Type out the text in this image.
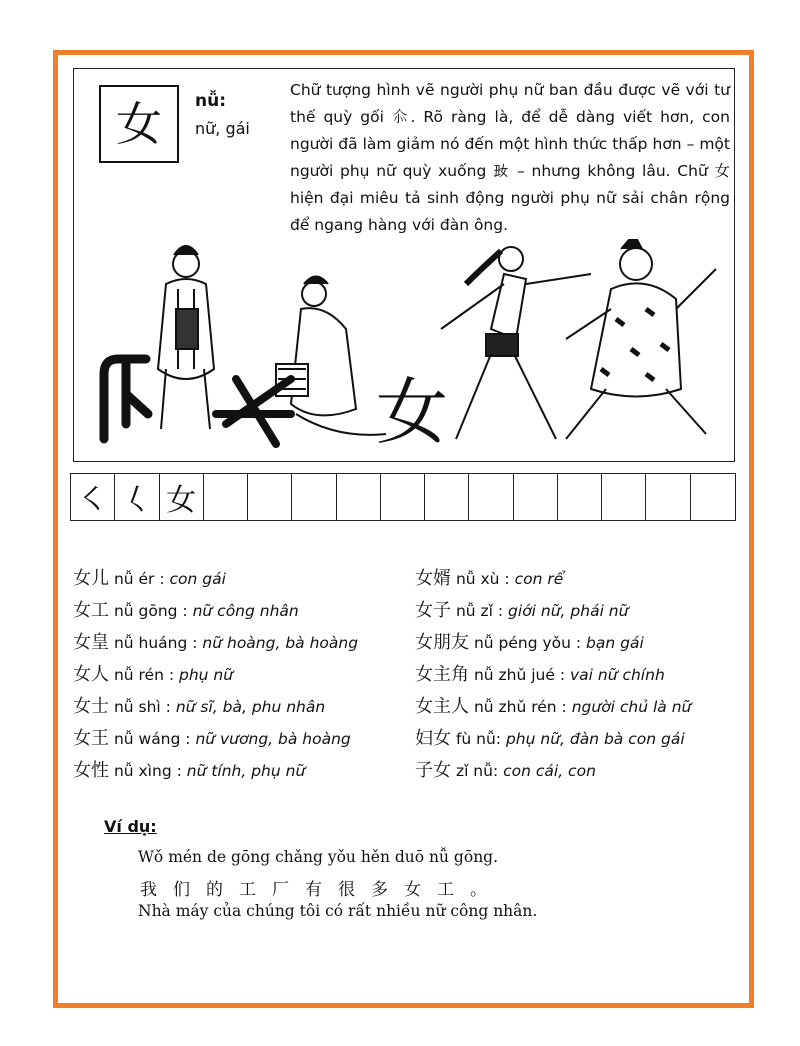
女	nǚ:
nữ, gái
Chữ tượng hình vẽ người phụ nữ ban đầu được vẽ với tư thế quỳ gối 𠇍. Rõ ràng là, để dễ dàng viết hơn, con người đã làm giảm nó đến một hình thức thấp hơn – một người phụ nữ quỳ xuống 𡚽 – nhưng không lâu. Chữ 女 hiện đại miêu tả sinh động người phụ nữ sải chân rộng để ngang hàng với đàn ông.
女
㇛ 𡿨 女
女儿 nǚ ér : con gái
女工 nǚ gōng : nữ công nhân
女皇 nǚ huáng : nữ hoàng, bà hoàng
女人 nǚ rén : phụ nữ
女士 nǚ shì : nữ sĩ, bà, phu nhân
女王 nǚ wáng : nữ vương, bà hoàng
女性 nǚ xìng : nữ tính, phụ nữ
女婿 nǚ xù : con rể
女子 nǚ zǐ : giới nữ, phái nữ
女朋友 nǚ péng yǒu : bạn gái
女主角 nǚ zhǔ jué : vai nữ chính
女主人 nǚ zhǔ rén : người chủ là nữ
妇女 fù nǚ: phụ nữ, đàn bà con gái
子女 zǐ nǚ: con cái, con
Ví dụ:
Wǒ mén de gōng chǎng yǒu hěn duō nǚ gōng.
我们的工厂有很多女工。
Nhà máy của chúng tôi có rất nhiều nữ công nhân.
